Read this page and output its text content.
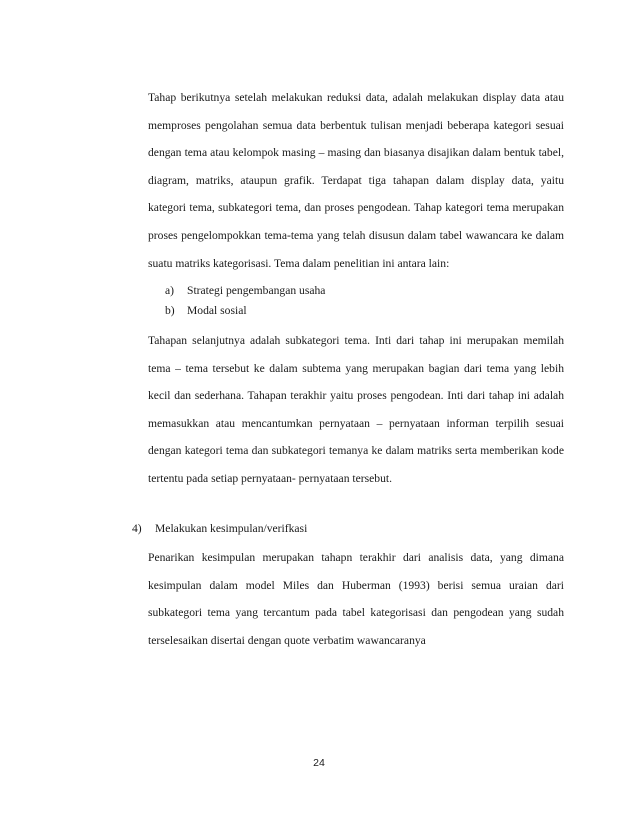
Tahap berikutnya setelah melakukan reduksi data, adalah melakukan display data atau memproses pengolahan semua data berbentuk tulisan menjadi beberapa kategori sesuai dengan tema atau kelompok masing – masing dan biasanya disajikan dalam bentuk tabel, diagram, matriks, ataupun grafik. Terdapat tiga tahapan dalam display data, yaitu kategori tema, subkategori tema, dan proses pengodean. Tahap kategori tema merupakan proses pengelompokkan tema-tema yang telah disusun dalam tabel wawancara ke dalam suatu matriks kategorisasi. Tema dalam penelitian ini antara lain:

a)	Strategi pengembangan usaha
b)	Modal sosial

Tahapan selanjutnya adalah subkategori tema. Inti dari tahap ini merupakan memilah tema – tema tersebut ke dalam subtema yang merupakan bagian dari tema yang lebih kecil dan sederhana. Tahapan terakhir yaitu proses pengodean. Inti dari tahap ini adalah memasukkan atau mencantumkan pernyataan – pernyataan informan terpilih sesuai dengan kategori tema dan subkategori temanya ke dalam matriks serta memberikan kode tertentu pada setiap pernyataan- pernyataan tersebut.

4)	Melakukan kesimpulan/verifkasi

Penarikan kesimpulan merupakan tahapn terakhir dari analisis data, yang dimana kesimpulan dalam model Miles dan Huberman (1993) berisi semua uraian dari subkategori tema yang tercantum pada tabel kategorisasi dan pengodean yang sudah terselesaikan disertai dengan quote verbatim wawancaranya

24
